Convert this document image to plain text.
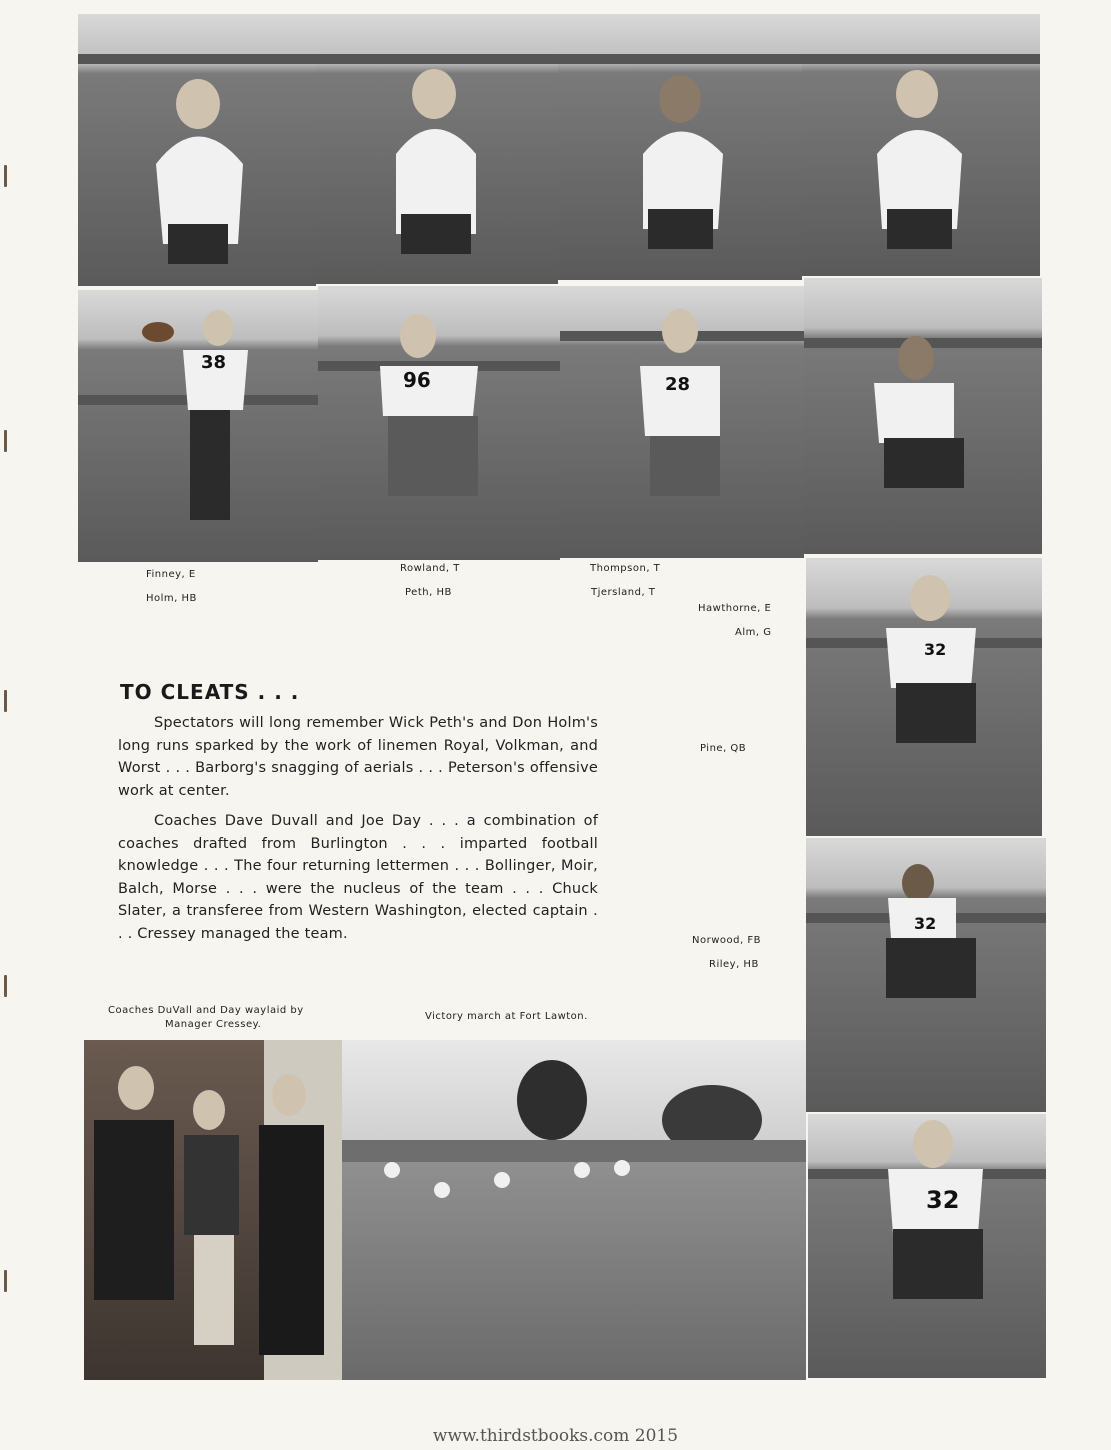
38
96	28
Finney, E
Holm, HB
Rowland, T
Peth, HB
Thompson, T
Tjersland, T
Hawthorne, E
Alm, G
Pine, QB
Norwood, FB
Riley, HB
TO CLEATS . . .
Spectators will long remember Wick Peth's and Don Holm's long runs sparked by the work of linemen Royal, Volkman, and Worst . . . Barborg's snagging of aerials . . . Peterson's offensive work at center.
Coaches Dave Duvall and Joe Day . . . a combination of coaches drafted from Burlington . . . imparted football knowledge . . . The four returning lettermen . . . Bollinger, Moir, Balch, Morse . . . were the nucleus of the team . . . Chuck Slater, a transferee from Western Washington, elected captain . . . Cressey managed the team.
32
32
32
Coaches DuVall and Day waylaid by
Manager Cressey.
Victory march at Fort Lawton.
www.thirdstbooks.com 2015
